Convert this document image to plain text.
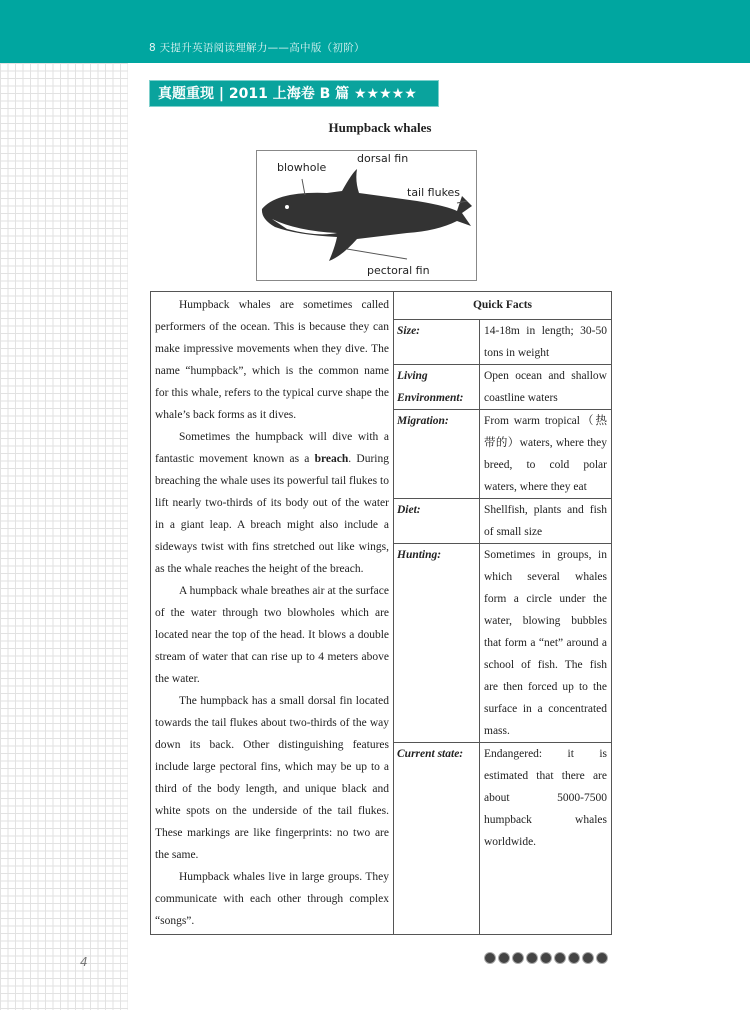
8 天提升英语阅读理解力——高中版（初阶）
真题重现 | 2011 上海卷 B 篇 ★★★★★
Humpback whales
blowhole
dorsal fin
tail flukes
pectoral fin

Humpback whales are sometimes called performers of the ocean. This is because they can make impressive movements when they dive. The name “humpback”, which is the common name for this whale, refers to the typical curve shape the whale’s back forms as it dives.

Sometimes the humpback will dive with a fantastic movement known as a breach. During breaching the whale uses its powerful tail flukes to lift nearly two-thirds of its body out of the water in a giant leap. A breach might also include a sideways twist with fins stretched out like wings, as the whale reaches the height of the breach.

A humpback whale breathes air at the surface of the water through two blowholes which are located near the top of the head. It blows a double stream of water that can rise up to 4 meters above the water.

The humpback has a small dorsal fin located towards the tail flukes about two-thirds of the way down its back. Other distinguishing features include large pectoral fins, which may be up to a third of the body length, and unique black and white spots on the underside of the tail flukes. These markings are like fingerprints: no two are the same.

Humpback whales live in large groups. They communicate with each other through complex “songs”.	Quick Facts	
	Size:	14-18m in length; 30-50 tons in weight
	Living Environment:	Open ocean and shallow coastline waters
	Migration:	From warm tropical（热带的）waters, where they breed, to cold polar waters, where they eat
	Diet:	Shellfish, plants and fish of small size
	Hunting:	Sometimes in groups, in which several whales form a circle under the water, blowing bubbles that form a “net” around a school of fish. The fish are then forced up to the surface in a concentrated mass.
	Current state:	Endangered: it is estimated that there are about 5000-7500 humpback whales worldwide.
4
